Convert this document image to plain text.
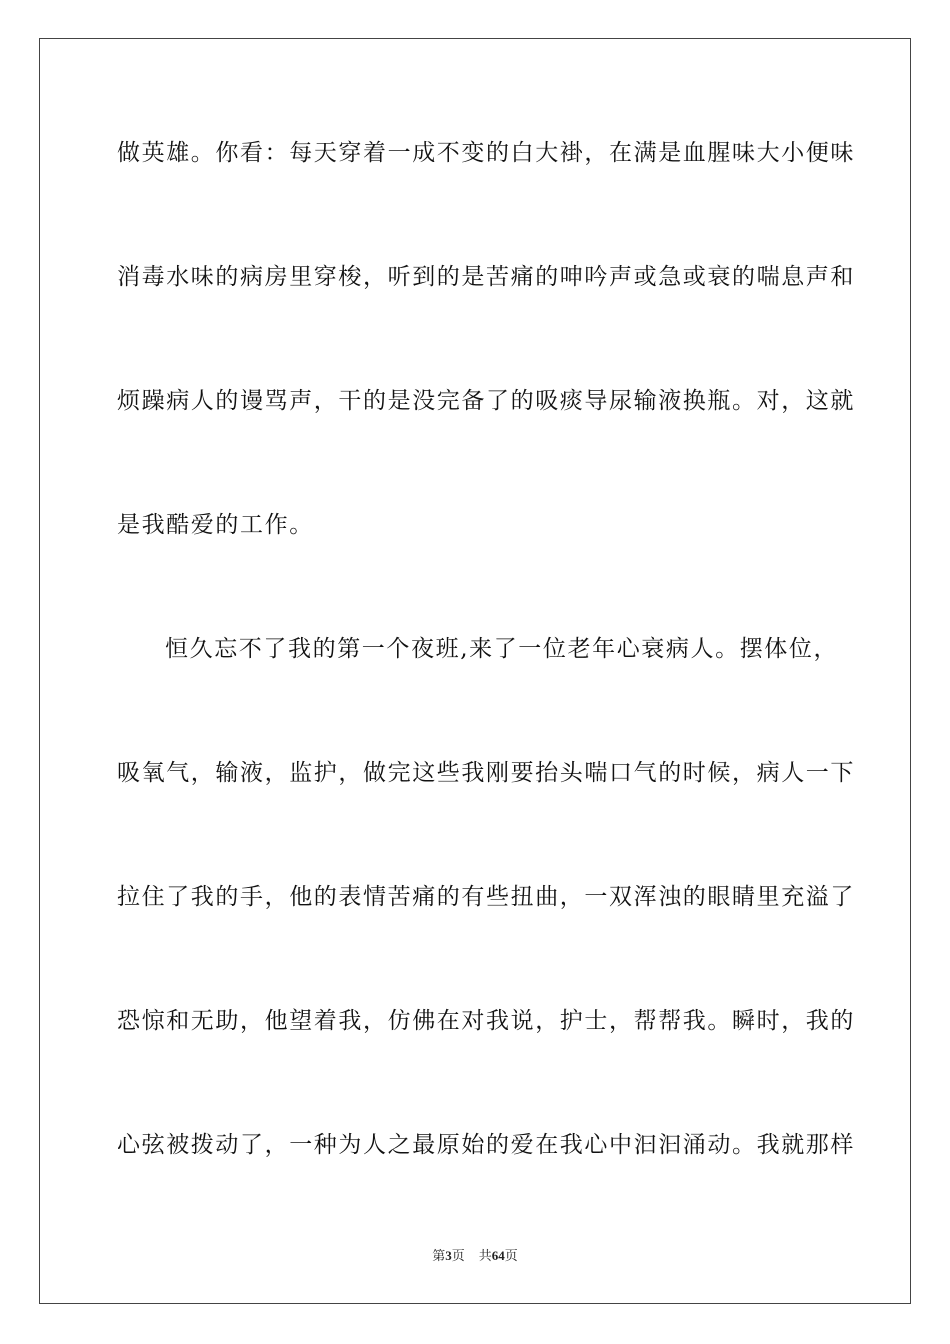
做英雄。你看：每天穿着一成不变的白大褂，在满是血腥味大小便味
消毒水味的病房里穿梭，听到的是苦痛的呻吟声或急或衰的喘息声和
烦躁病人的谩骂声，干的是没完备了的吸痰导尿输液换瓶。对，这就
是我酷爱的工作。
恒久忘不了我的第一个夜班,来了一位老年心衰病人。摆体位，
吸氧气，输液，监护，做完这些我刚要抬头喘口气的时候，病人一下
拉住了我的手，他的表情苦痛的有些扭曲，一双浑浊的眼睛里充溢了
恐惊和无助，他望着我，仿佛在对我说，护士，帮帮我。瞬时，我的
心弦被拨动了，一种为人之最原始的爱在我心中汩汩涌动。我就那样
第3页 共64页
